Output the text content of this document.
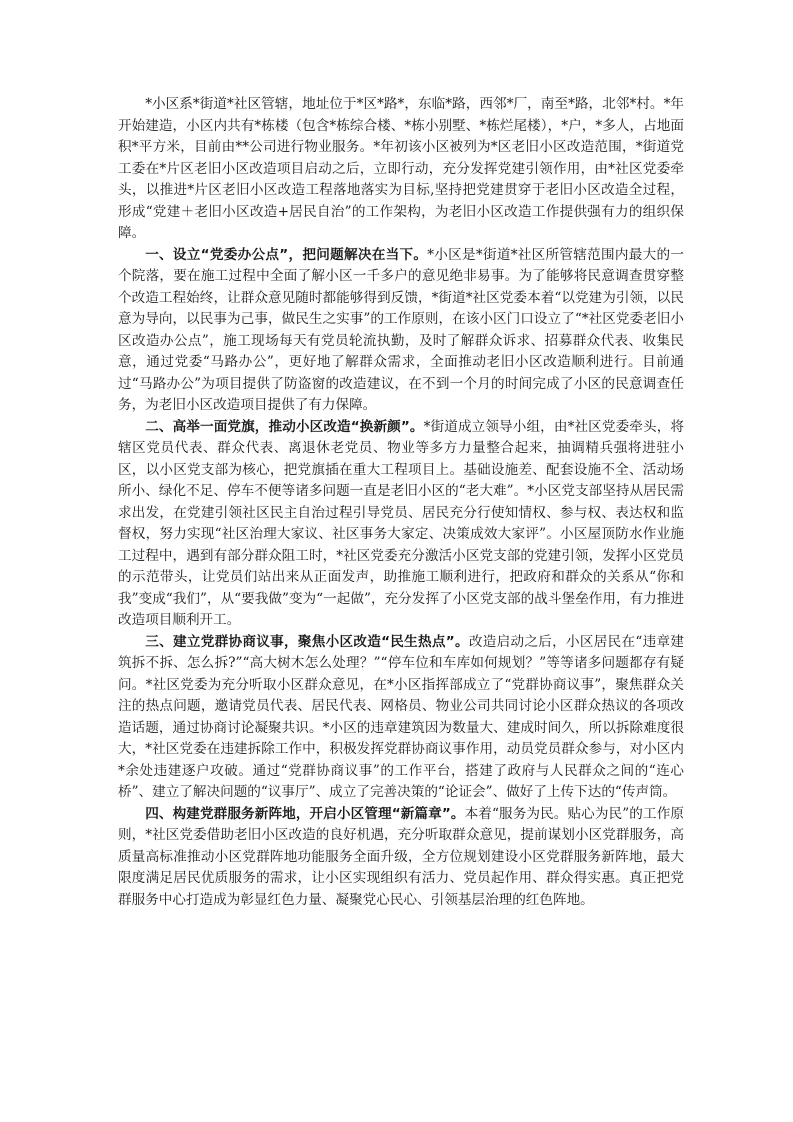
*小区系*街道*社区管辖，地址位于*区*路*，东临*路，西邻*厂，南至*路，北邻*村。*年开始建造，小区内共有*栋楼（包含*栋综合楼、*栋小别墅、*栋烂尾楼），*户，*多人，占地面积*平方米，目前由**公司进行物业服务。*年初该小区被列为*区老旧小区改造范围，*街道党工委在*片区老旧小区改造项目启动之后，立即行动，充分发挥党建引领作用，由*社区党委牵头，以推进*片区老旧小区改造工程落地落实为目标,坚持把党建贯穿于老旧小区改造全过程，形成“党建＋老旧小区改造+居民自治”的工作架构，为老旧小区改造工作提供强有力的组织保障。

一、设立“党委办公点”，把问题解决在当下。*小区是*街道*社区所管辖范围内最大的一个院落，要在施工过程中全面了解小区一千多户的意见绝非易事。为了能够将民意调查贯穿整个改造工程始终，让群众意见随时都能够得到反馈，*街道*社区党委本着“以党建为引领，以民意为导向，以民事为己事，做民生之实事”的工作原则，在该小区门口设立了“*社区党委老旧小区改造办公点”，施工现场每天有党员轮流执勤，及时了解群众诉求、招募群众代表、收集民意，通过党委“马路办公”，更好地了解群众需求，全面推动老旧小区改造顺利进行。目前通过“马路办公”为项目提供了防盗窗的改造建议，在不到一个月的时间完成了小区的民意调查任务，为老旧小区改造项目提供了有力保障。

二、高举一面党旗，推动小区改造“换新颜”。*街道成立领导小组，由*社区党委牵头，将辖区党员代表、群众代表、离退休老党员、物业等多方力量整合起来，抽调精兵强将进驻小区，以小区党支部为核心，把党旗插在重大工程项目上。基础设施差、配套设施不全、活动场所小、绿化不足、停车不便等诸多问题一直是老旧小区的“老大难”。*小区党支部坚持从居民需求出发，在党建引领社区民主自治过程引导党员、居民充分行使知情权、参与权、表达权和监督权，努力实现“社区治理大家议、社区事务大家定、决策成效大家评”。小区屋顶防水作业施工过程中，遇到有部分群众阻工时，*社区党委充分激活小区党支部的党建引领，发挥小区党员的示范带头，让党员们站出来从正面发声，助推施工顺利进行，把政府和群众的关系从“你和我”变成“我们”，从“要我做”变为“一起做”，充分发挥了小区党支部的战斗堡垒作用，有力推进改造项目顺利开工。

三、建立党群协商议事，聚焦小区改造“民生热点”。改造启动之后，小区居民在“违章建筑拆不拆、怎么拆?”“高大树木怎么处理？”“停车位和车库如何规划？”等等诸多问题都存有疑问。*社区党委为充分听取小区群众意见，在*小区指挥部成立了“党群协商议事”，聚焦群众关注的热点问题，邀请党员代表、居民代表、网格员、物业公司共同讨论小区群众热议的各项改造话题，通过协商讨论凝聚共识。*小区的违章建筑因为数量大、建成时间久，所以拆除难度很大，*社区党委在违建拆除工作中，积极发挥党群协商议事作用，动员党员群众参与，对小区内*余处违建逐户攻破。通过“党群协商议事”的工作平台，搭建了政府与人民群众之间的“连心桥”、建立了解决问题的“议事厅”、成立了完善决策的“论证会”、做好了上传下达的“传声筒。

四、构建党群服务新阵地，开启小区管理“新篇章”。本着“服务为民。贴心为民”的工作原则，*社区党委借助老旧小区改造的良好机遇，充分听取群众意见，提前谋划小区党群服务，高质量高标准推动小区党群阵地功能服务全面升级，全方位规划建设小区党群服务新阵地，最大限度满足居民优质服务的需求，让小区实现组织有活力、党员起作用、群众得实惠。真正把党群服务中心打造成为彰显红色力量、凝聚党心民心、引领基层治理的红色阵地。
